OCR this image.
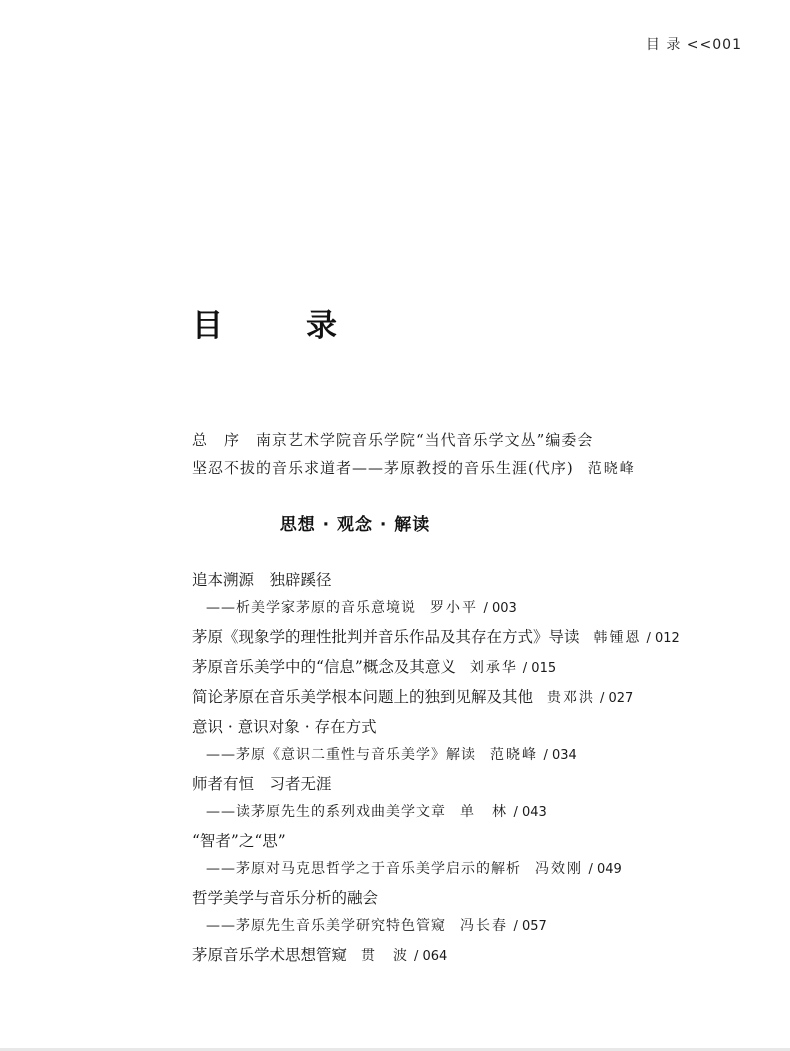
目 录 <<001
目　录
总　序 南京艺术学院音乐学院“当代音乐学文丛”编委会
坚忍不拔的音乐求道者——茅原教授的音乐生涯(代序) 范晓峰
思想 · 观念 · 解读
追本溯源　独辟蹊径
——析美学家茅原的音乐意境说 罗小平 / 003
茅原《现象学的理性批判并音乐作品及其存在方式》导读 韩锺恩 / 012
茅原音乐美学中的“信息”概念及其意义 刘承华 / 015
简论茅原在音乐美学根本问题上的独到见解及其他 贵邓洪 / 027
意识 · 意识对象 · 存在方式
——茅原《意识二重性与音乐美学》解读 范晓峰 / 034
师者有恒　习者无涯
——读茅原先生的系列戏曲美学文章 单　林 / 043
“智者”之“思”
——茅原对马克思哲学之于音乐美学启示的解析 冯效刚 / 049
哲学美学与音乐分析的融会
——茅原先生音乐美学研究特色管窥 冯长春 / 057
茅原音乐学术思想管窥 贯　波 / 064
